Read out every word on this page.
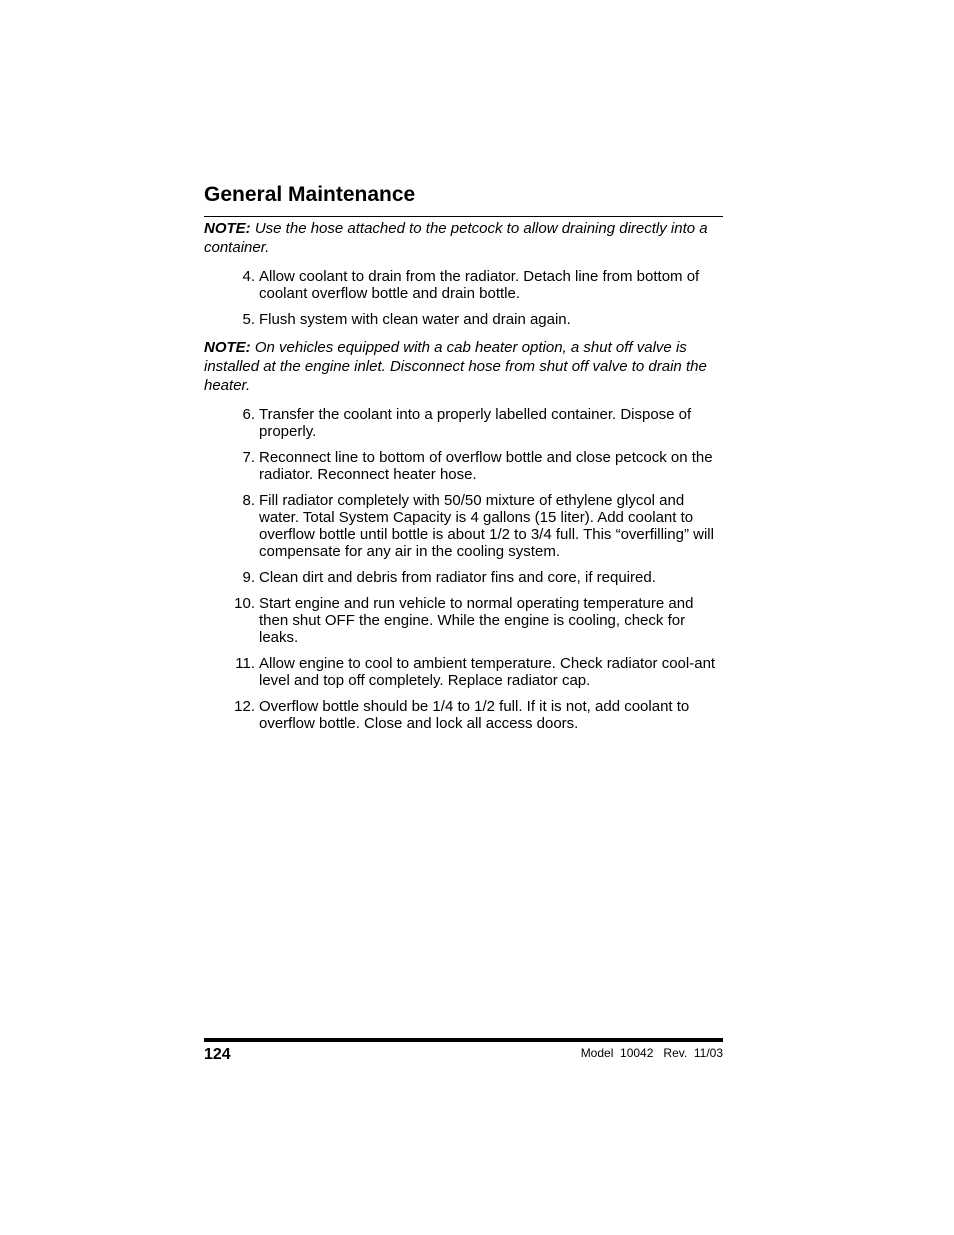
General Maintenance

NOTE: Use the hose attached to the petcock to allow draining directly into a container.

4. Allow coolant to drain from the radiator. Detach line from bottom of coolant overflow bottle and drain bottle.
5. Flush system with clean water and drain again.

NOTE: On vehicles equipped with a cab heater option, a shut off valve is installed at the engine inlet. Disconnect hose from shut off valve to drain the heater.

6. Transfer the coolant into a properly labelled container. Dispose of properly.
7. Reconnect line to bottom of overflow bottle and close petcock on the radiator. Reconnect heater hose.
8. Fill radiator completely with 50/50 mixture of ethylene glycol and water. Total System Capacity is 4 gallons (15 liter). Add coolant to overflow bottle until bottle is about 1/2 to 3/4 full. This “overfilling” will compensate for any air in the cooling system.
9. Clean dirt and debris from radiator fins and core, if required.
10. Start engine and run vehicle to normal operating temperature and then shut OFF the engine. While the engine is cooling, check for leaks.
11. Allow engine to cool to ambient temperature. Check radiator cool-ant level and top off completely. Replace radiator cap.
12. Overflow bottle should be 1/4 to 1/2 full. If it is not, add coolant to overflow bottle. Close and lock all access doors.
124	Model  10042   Rev.  11/03
